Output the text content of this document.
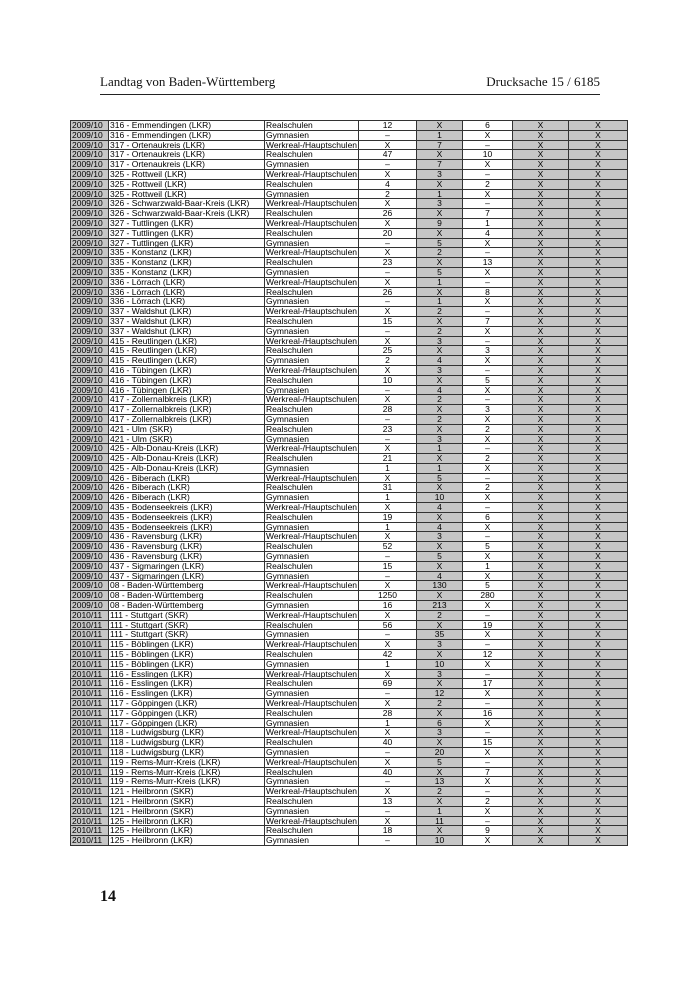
Landtag von Baden-Württemberg	Drucksache 15 / 6185
2009/10	316 - Emmendingen (LKR)	Realschulen	12	X	6	X	X
2009/10	316 - Emmendingen (LKR)	Gymnasien	–	1	X	X	X
2009/10	317 - Ortenaukreis (LKR)	Werkreal-/Hauptschulen	X	7	–	X	X
2009/10	317 - Ortenaukreis (LKR)	Realschulen	47	X	10	X	X
2009/10	317 - Ortenaukreis (LKR)	Gymnasien	–	7	X	X	X
2009/10	325 - Rottweil (LKR)	Werkreal-/Hauptschulen	X	3	–	X	X
2009/10	325 - Rottweil (LKR)	Realschulen	4	X	2	X	X
2009/10	325 - Rottweil (LKR)	Gymnasien	2	1	X	X	X
2009/10	326 - Schwarzwald-Baar-Kreis (LKR)	Werkreal-/Hauptschulen	X	3	–	X	X
2009/10	326 - Schwarzwald-Baar-Kreis (LKR)	Realschulen	26	X	7	X	X
2009/10	327 - Tuttlingen (LKR)	Werkreal-/Hauptschulen	X	9	1	X	X
2009/10	327 - Tuttlingen (LKR)	Realschulen	20	X	4	X	X
2009/10	327 - Tuttlingen (LKR)	Gymnasien	–	5	X	X	X
2009/10	335 - Konstanz (LKR)	Werkreal-/Hauptschulen	X	2	–	X	X
2009/10	335 - Konstanz (LKR)	Realschulen	23	X	13	X	X
2009/10	335 - Konstanz (LKR)	Gymnasien	–	5	X	X	X
2009/10	336 - Lörrach (LKR)	Werkreal-/Hauptschulen	X	1	–	X	X
2009/10	336 - Lörrach (LKR)	Realschulen	26	X	8	X	X
2009/10	336 - Lörrach (LKR)	Gymnasien	–	1	X	X	X
2009/10	337 - Waldshut (LKR)	Werkreal-/Hauptschulen	X	2	–	X	X
2009/10	337 - Waldshut (LKR)	Realschulen	15	X	7	X	X
2009/10	337 - Waldshut (LKR)	Gymnasien	–	2	X	X	X
2009/10	415 - Reutlingen (LKR)	Werkreal-/Hauptschulen	X	3	–	X	X
2009/10	415 - Reutlingen (LKR)	Realschulen	25	X	3	X	X
2009/10	415 - Reutlingen (LKR)	Gymnasien	2	4	X	X	X
2009/10	416 - Tübingen (LKR)	Werkreal-/Hauptschulen	X	3	–	X	X
2009/10	416 - Tübingen (LKR)	Realschulen	10	X	5	X	X
2009/10	416 - Tübingen (LKR)	Gymnasien	–	4	X	X	X
2009/10	417 - Zollernalbkreis (LKR)	Werkreal-/Hauptschulen	X	2	–	X	X
2009/10	417 - Zollernalbkreis (LKR)	Realschulen	28	X	3	X	X
2009/10	417 - Zollernalbkreis (LKR)	Gymnasien	–	2	X	X	X
2009/10	421 - Ulm (SKR)	Realschulen	23	X	2	X	X
2009/10	421 - Ulm (SKR)	Gymnasien	–	3	X	X	X
2009/10	425 - Alb-Donau-Kreis (LKR)	Werkreal-/Hauptschulen	X	1	–	X	X
2009/10	425 - Alb-Donau-Kreis (LKR)	Realschulen	21	X	2	X	X
2009/10	425 - Alb-Donau-Kreis (LKR)	Gymnasien	1	1	X	X	X
2009/10	426 - Biberach (LKR)	Werkreal-/Hauptschulen	X	5	–	X	X
2009/10	426 - Biberach (LKR)	Realschulen	31	X	2	X	X
2009/10	426 - Biberach (LKR)	Gymnasien	1	10	X	X	X
2009/10	435 - Bodenseekreis (LKR)	Werkreal-/Hauptschulen	X	4	–	X	X
2009/10	435 - Bodenseekreis (LKR)	Realschulen	19	X	6	X	X
2009/10	435 - Bodenseekreis (LKR)	Gymnasien	1	4	X	X	X
2009/10	436 - Ravensburg (LKR)	Werkreal-/Hauptschulen	X	3	–	X	X
2009/10	436 - Ravensburg (LKR)	Realschulen	52	X	5	X	X
2009/10	436 - Ravensburg (LKR)	Gymnasien	–	5	X	X	X
2009/10	437 - Sigmaringen (LKR)	Realschulen	15	X	1	X	X
2009/10	437 - Sigmaringen (LKR)	Gymnasien	–	4	X	X	X
2009/10	08 - Baden-Württemberg	Werkreal-/Hauptschulen	X	130	5	X	X
2009/10	08 - Baden-Württemberg	Realschulen	1250	X	280	X	X
2009/10	08 - Baden-Württemberg	Gymnasien	16	213	X	X	X
2010/11	111 - Stuttgart (SKR)	Werkreal-/Hauptschulen	X	2	–	X	X
2010/11	111 - Stuttgart (SKR)	Realschulen	56	X	19	X	X
2010/11	111 - Stuttgart (SKR)	Gymnasien	–	35	X	X	X
2010/11	115 - Böblingen (LKR)	Werkreal-/Hauptschulen	X	3	–	X	X
2010/11	115 - Böblingen (LKR)	Realschulen	42	X	12	X	X
2010/11	115 - Böblingen (LKR)	Gymnasien	1	10	X	X	X
2010/11	116 - Esslingen (LKR)	Werkreal-/Hauptschulen	X	3	–	X	X
2010/11	116 - Esslingen (LKR)	Realschulen	69	X	17	X	X
2010/11	116 - Esslingen (LKR)	Gymnasien	–	12	X	X	X
2010/11	117 - Göppingen (LKR)	Werkreal-/Hauptschulen	X	2	–	X	X
2010/11	117 - Göppingen (LKR)	Realschulen	28	X	16	X	X
2010/11	117 - Göppingen (LKR)	Gymnasien	1	6	X	X	X
2010/11	118 - Ludwigsburg (LKR)	Werkreal-/Hauptschulen	X	3	–	X	X
2010/11	118 - Ludwigsburg (LKR)	Realschulen	40	X	15	X	X
2010/11	118 - Ludwigsburg (LKR)	Gymnasien	–	20	X	X	X
2010/11	119 - Rems-Murr-Kreis (LKR)	Werkreal-/Hauptschulen	X	5	–	X	X
2010/11	119 - Rems-Murr-Kreis (LKR)	Realschulen	40	X	7	X	X
2010/11	119 - Rems-Murr-Kreis (LKR)	Gymnasien	–	13	X	X	X
2010/11	121 - Heilbronn (SKR)	Werkreal-/Hauptschulen	X	2	–	X	X
2010/11	121 - Heilbronn (SKR)	Realschulen	13	X	2	X	X
2010/11	121 - Heilbronn (SKR)	Gymnasien	–	1	X	X	X
2010/11	125 - Heilbronn (LKR)	Werkreal-/Hauptschulen	X	11	–	X	X
2010/11	125 - Heilbronn (LKR)	Realschulen	18	X	9	X	X
2010/11	125 - Heilbronn (LKR)	Gymnasien	–	10	X	X	X
14
